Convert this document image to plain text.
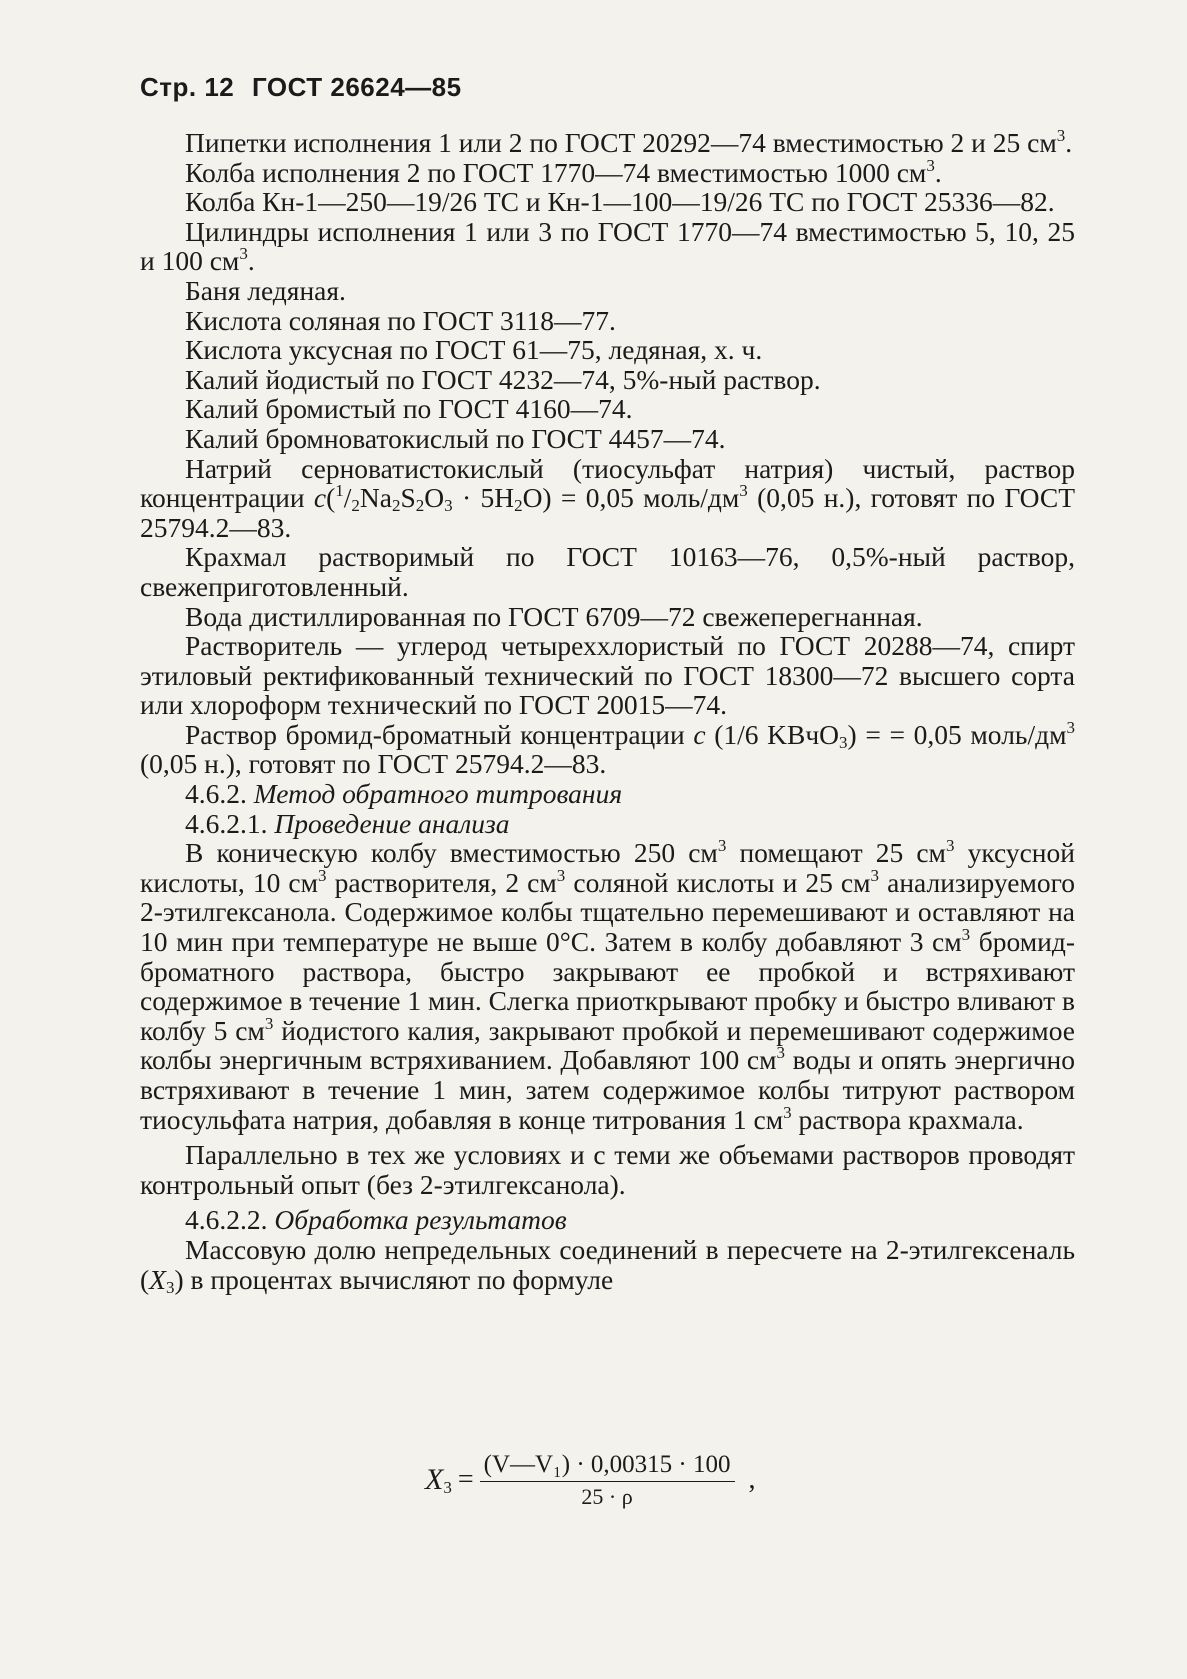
Стр. 12 ГОСТ 26624—85

Пипетки исполнения 1 или 2 по ГОСТ 20292—74 вместимостью 2 и 25 $см^3$.

Колба исполнения 2 по ГОСТ 1770—74 вместимостью 1000 $см^3$.

Колба Кн-1—250—19/26 ТС и Кн-1—100—19/26 ТС по ГОСТ 25336—82.

Цилиндры исполнения 1 или 3 по ГОСТ 1770—74 вместимостью 5, 10, 25 и 100 $см^3$.

Баня ледяная.

Кислота соляная по ГОСТ 3118—77.

Кислота уксусная по ГОСТ 61—75, ледяная, х. ч.

Калий йодистый по ГОСТ 4232—74, 5%-ный раствор.

Калий бромистый по ГОСТ 4160—74.

Калий бромноватокислый по ГОСТ 4457—74.

Натрий серноватистокислый (тиосульфат натрия) чистый, раствор концентрации $c(^1/_2Na_2S_2O_3 \cdot 5H_2O) = 0,05$ моль/$дм^3$ (0,05 н.), готовят по ГОСТ 25794.2—83.

Крахмал растворимый по ГОСТ 10163—76, 0,5%-ный раствор, свежеприготовленный.

Вода дистиллированная по ГОСТ 6709—72 свежеперегнанная.

Растворитель — углерод четыреххлористый по ГОСТ 20288—74, спирт этиловый ректификованный технический по ГОСТ 18300—72 высшего сорта или хлороформ технический по ГОСТ 20015—74.

Раствор бромид-броматный концентрации c (1/6 KBчO$_3$) = = 0,05 моль/$дм^3$ (0,05 н.), готовят по ГОСТ 25794.2—83.

4.6.2. Метод обратного титрования

4.6.2.1. Проведение анализа

В коническую колбу вместимостью 250 $см^3$ помещают 25 $см^3$ уксусной кислоты, 10 $см^3$ растворителя, 2 $см^3$ соляной кислоты и 25 $см^3$ анализируемого 2-этилгексанола. Содержимое колбы тщательно перемешивают и оставляют на 10 мин при температуре не выше 0°С. Затем в колбу добавляют 3 $см^3$ бромид-броматного раствора, быстро закрывают ее пробкой и встряхивают содержимое в течение 1 мин. Слегка приоткрывают пробку и быстро вливают в колбу 5 $см^3$ йодистого калия, закрывают пробкой и перемешивают содержимое колбы энергичным встряхиванием. Добавляют 100 $см^3$ воды и опять энергично встряхивают в течение 1 мин, затем содержимое колбы титруют раствором тиосульфата натрия, добавляя в конце титрования 1 $см^3$ раствора крахмала.

Параллельно в тех же условиях и с теми же объемами растворов проводят контрольный опыт (без 2-этилгексанола).

4.6.2.2. Обработка результатов

Массовую долю непредельных соединений в пересчете на 2-этилгексеналь $(X_3)$ в процентах вычисляют по формуле

$X_3 = \frac{\text{(V—V₁) · 0,00315 · 100}}{25 \cdot \rho}$ ,
